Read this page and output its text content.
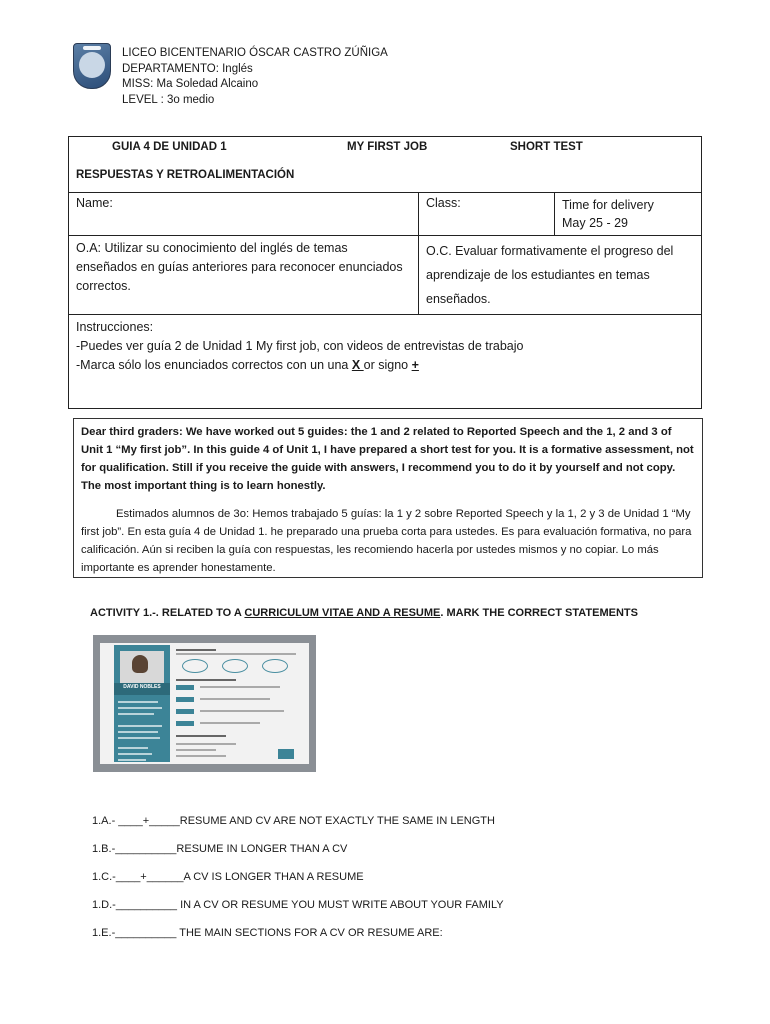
LICEO BICENTENARIO ÓSCAR CASTRO ZÚÑIGA
DEPARTAMENTO: Inglés
MISS: Ma Soledad Alcaino
LEVEL : 3o medio
GUIA 4 DE UNIDAD 1 MY FIRST JOB SHORT TEST
RESPUESTAS Y RETROALIMENTACIÓN		

Name:	Class:	Time for delivery
May 25 - 29

O.A: Utilizar su conocimiento del inglés de temas enseñados en guías anteriores para reconocer enunciados correctos.	O.C. Evaluar formativamente el progreso del aprendizaje de los estudiantes en temas enseñados.	

Instrucciones:
-Puedes ver guía 2 de Unidad 1 My first job, con videos de entrevistas de trabajo
-Marca sólo los enunciados correctos con un una X or signo +		
Dear third graders: We have worked out 5 guides: the 1 and 2 related to Reported Speech and the 1, 2 and 3 of Unit 1 “My first job”. In this guide 4 of Unit 1, I have prepared a short test for you. It is a formative assessment, not for qualification. Still if you receive the guide with answers, I recommend you to do it by yourself and not copy. The most important thing is to learn honestly.
Estimados alumnos de 3o: Hemos trabajado 5 guías: la 1 y 2 sobre Reported Speech y la 1, 2 y 3 de Unidad 1 “My first job”. En esta guía 4 de Unidad 1. he preparado una prueba corta para ustedes. Es para evaluación formativa, no para calificación. Aún si reciben la guía con respuestas, les recomiendo hacerla por ustedes mismos y no copiar. Lo más importante es aprender honestamente.
ACTIVITY 1.-. RELATED TO A CURRICULUM VITAE AND A RESUME. MARK THE CORRECT STATEMENTS
DAVID NOBLES
1.A.- ____+_____RESUME AND CV ARE NOT EXACTLY THE SAME IN LENGTH
1.B.-__________RESUME IN LONGER THAN A CV
1.C.-____+______A CV IS LONGER THAN A RESUME
1.D.-__________ IN A CV OR RESUME YOU MUST WRITE ABOUT YOUR FAMILY
1.E.-__________ THE MAIN SECTIONS FOR A CV OR RESUME ARE:
